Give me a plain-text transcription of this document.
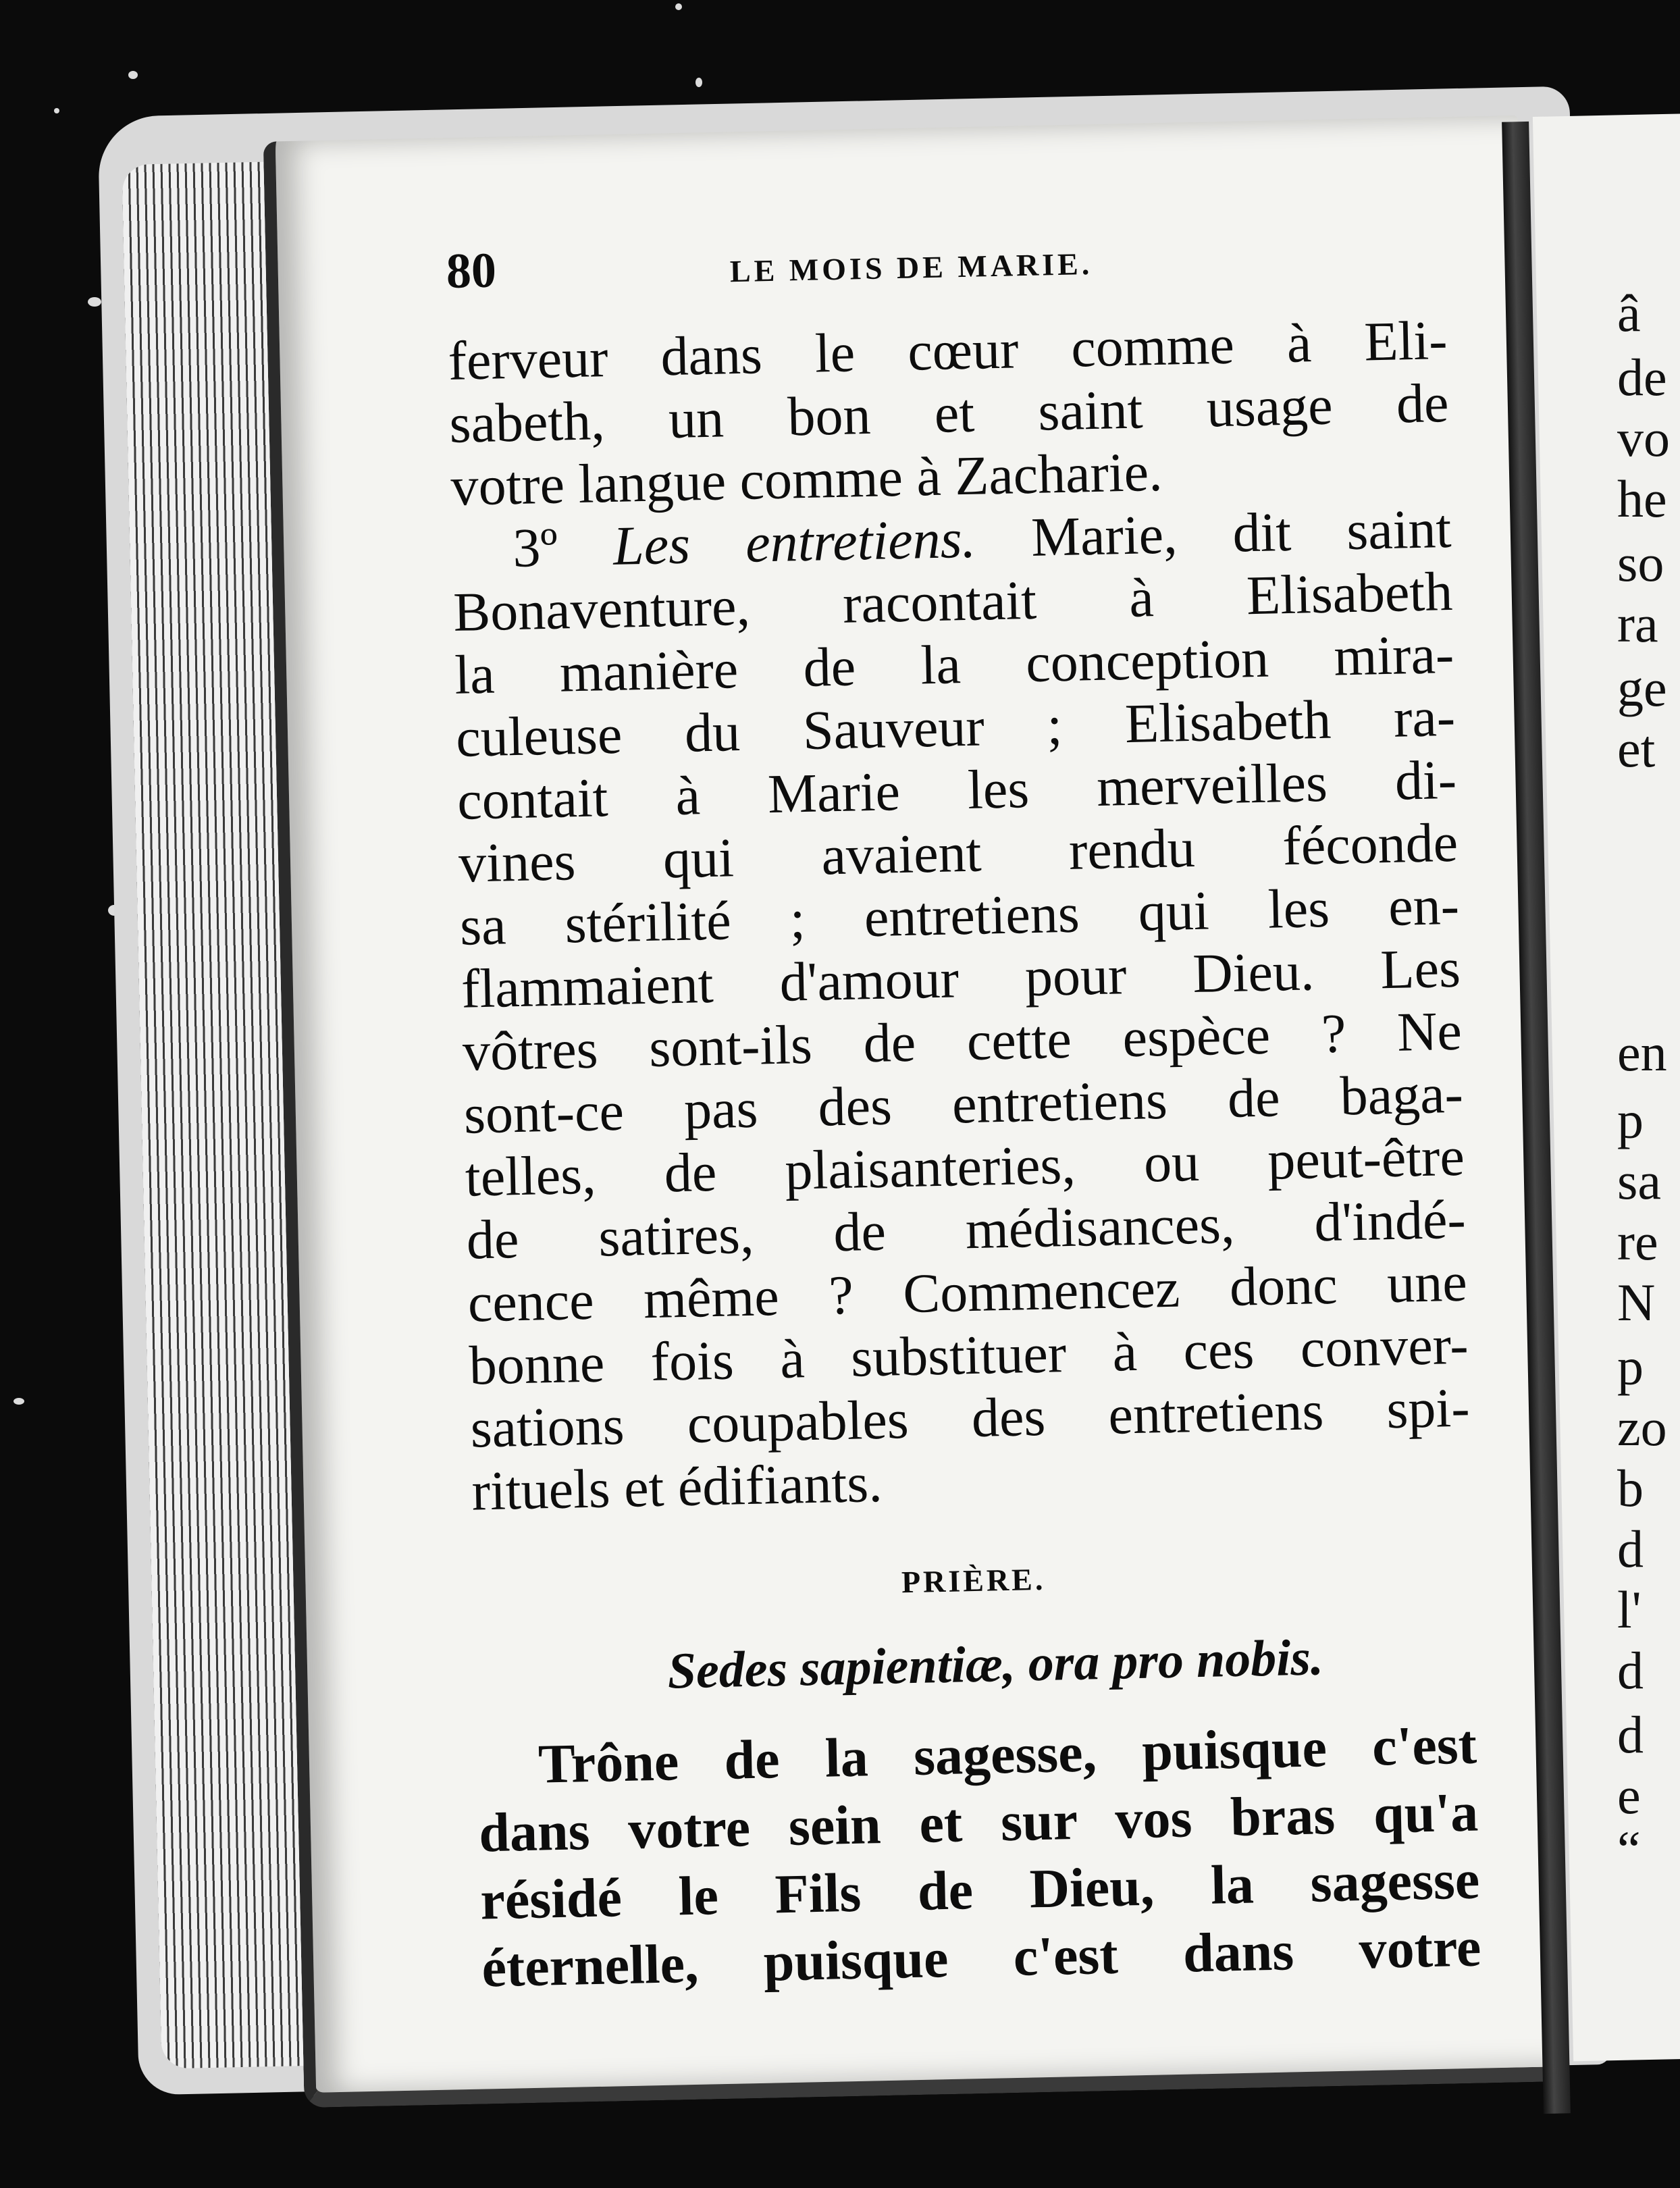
â
de
vo
he
so
ra
ge
et
en
p
sa
re
N
p
zo
b
d
l'
d
d
e
“
80	LE MOIS DE MARIE.
ferveur dans le cœur comme à Eli-
sabeth, un bon et saint usage de
votre langue comme à Zacharie.
3º Les entretiens. Marie, dit saint
Bonaventure, racontait à Elisabeth
la manière de la conception mira-
culeuse du Sauveur ; Elisabeth ra-
contait à Marie les merveilles di-
vines qui avaient rendu féconde
sa stérilité ; entretiens qui les en-
flammaient d'amour pour Dieu. Les
vôtres sont-ils de cette espèce ? Ne
sont-ce pas des entretiens de baga-
telles, de plaisanteries, ou peut-être
de satires, de médisances, d'indé-
cence même ? Commencez donc une
bonne fois à substituer à ces conver-
sations coupables des entretiens spi-
rituels et édifiants.
PRIÈRE.
Sedes sapientiæ, ora pro nobis.
Trône de la sagesse, puisque c'est
dans votre sein et sur vos bras qu'a
résidé le Fils de Dieu, la sagesse
éternelle, puisque c'est dans votre
